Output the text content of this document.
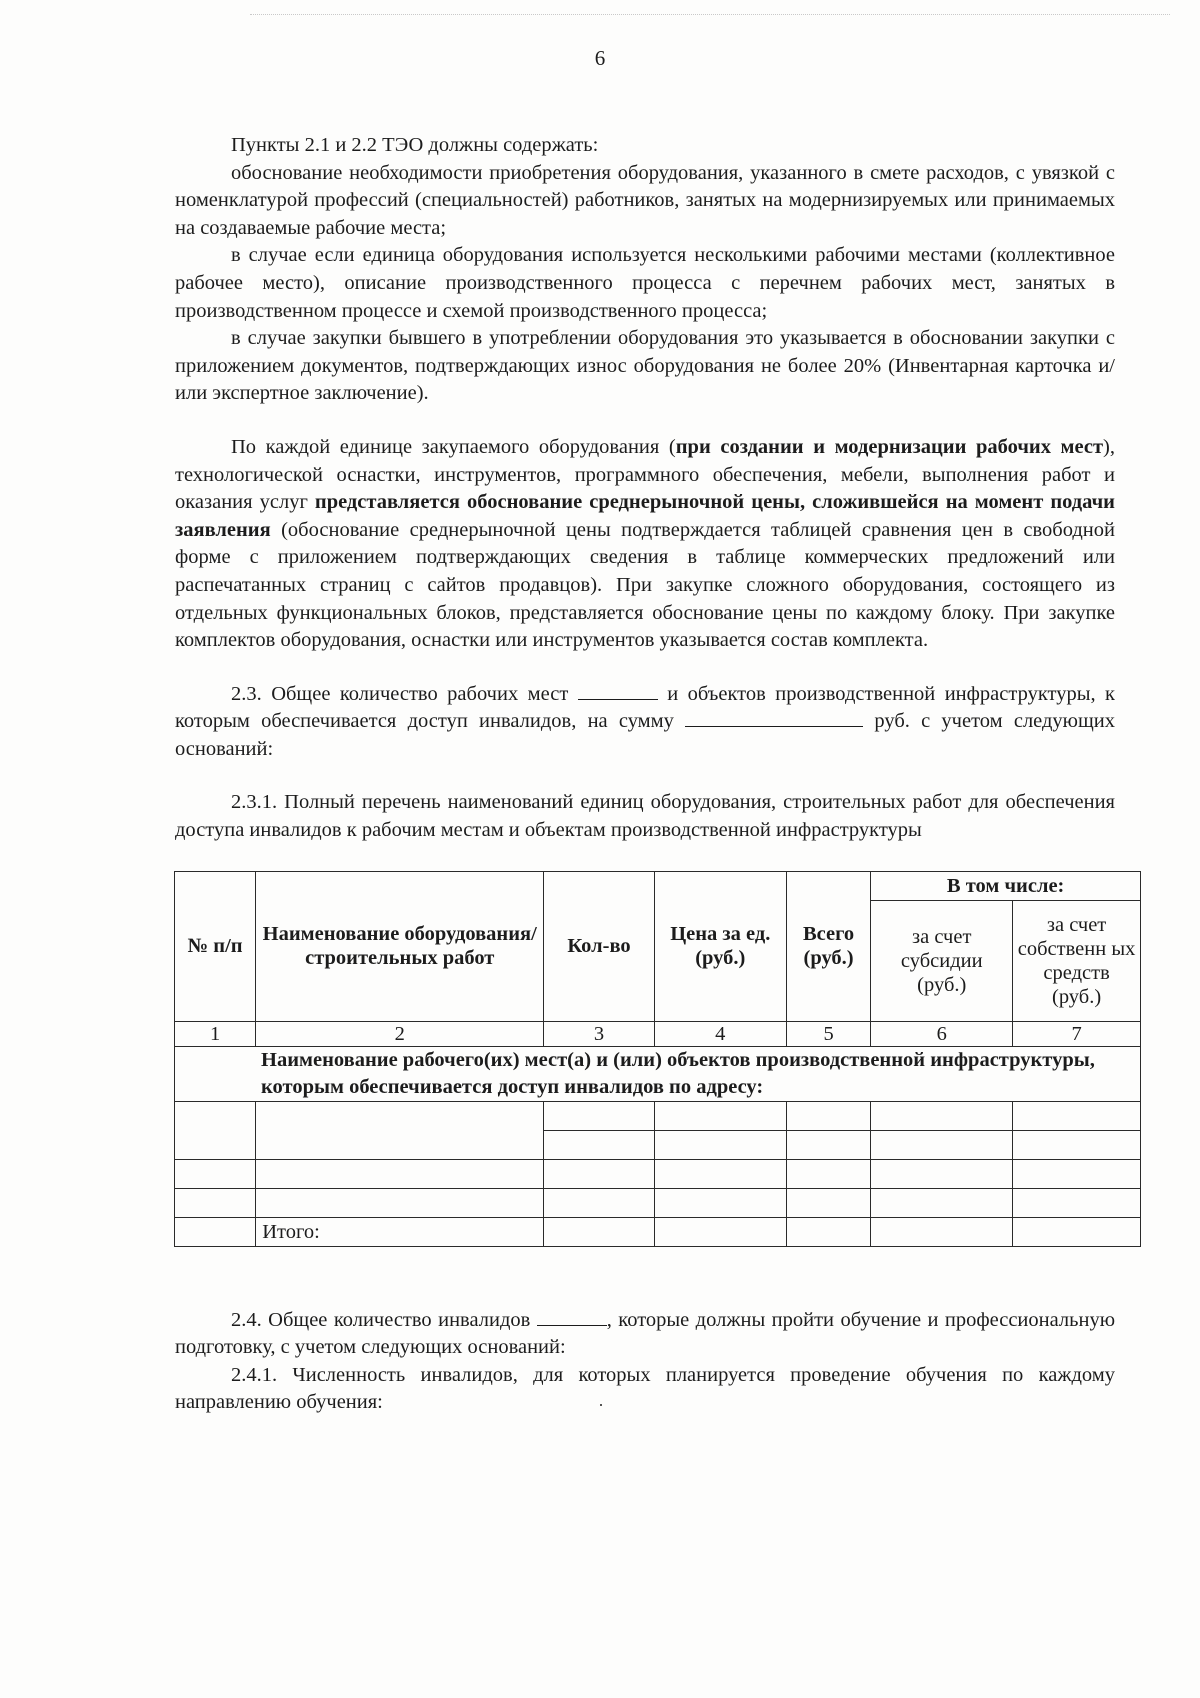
6

Пункты 2.1 и 2.2 ТЭО должны содержать:

обоснование необходимости приобретения оборудования, указанного в смете расходов, с увязкой с номенклатурой профессий (специальностей) работников, занятых на модернизируемых или принимаемых на создаваемые рабочие места;

в случае если единица оборудования используется несколькими рабочими местами (коллективное рабочее место), описание производственного процесса с перечнем рабочих мест, занятых в производственном процессе и схемой производственного процесса;

в случае закупки бывшего в употреблении оборудования это указывается в обосновании закупки с приложением документов, подтверждающих износ оборудования не более 20% (Инвентарная карточка и/или экспертное заключение).

По каждой единице закупаемого оборудования (при создании и модернизации рабочих мест), технологической оснастки, инструментов, программного обеспечения, мебели, выполнения работ и оказания услуг представляется обоснование среднерыночной цены, сложившейся на момент подачи заявления (обоснование среднерыночной цены подтверждается таблицей сравнения цен в свободной форме с приложением подтверждающих сведения в таблице коммерческих предложений или распечатанных страниц с сайтов продавцов). При закупке сложного оборудования, состоящего из отдельных функциональных блоков, представляется обоснование цены по каждому блоку. При закупке комплектов оборудования, оснастки или инструментов указывается состав комплекта.

2.3. Общее количество рабочих мест	и объектов производственной инфраструктуры, к которым обеспечивается доступ инвалидов, на сумму	руб. с учетом следующих оснований:

2.3.1. Полный перечень наименований единиц оборудования, строительных работ для обеспечения доступа инвалидов к рабочим местам и объектам производственной инфраструктуры

№ п/п	Наименование оборудования/ строительных работ	Кол-во	Цена за ед. (руб.)	Всего (руб.)	В том числе:	
					за счет субсидии (руб.)	за счет собственн ых средств (руб.)
1	2	3	4	5	6	7
Наименование рабочего(их) мест(а) и (или) объектов производственной инфраструктуры, которым обеспечивается доступ инвалидов по адресу:						

	Итого:					

2.4. Общее количество инвалидов	, которые должны пройти обучение и профессиональную подготовку, с учетом следующих оснований:

2.4.1. Численность инвалидов, для которых планируется проведение обучения по каждому направлению обучения:
